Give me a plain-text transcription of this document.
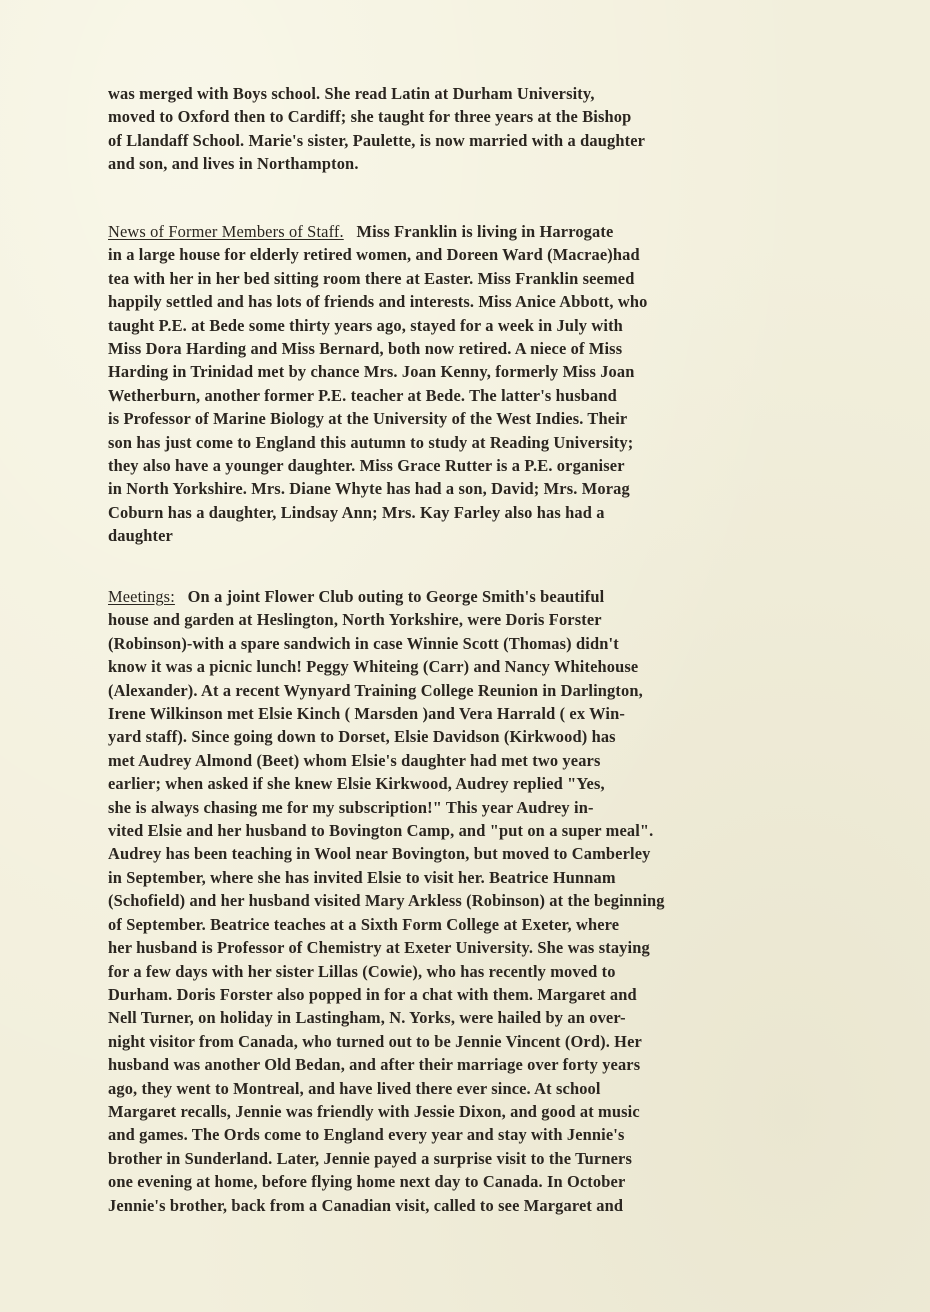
was merged with Boys school. She read Latin at Durham University,
moved to Oxford then to Cardiff; she taught for three years at the Bishop
of Llandaff School. Marie's sister, Paulette, is now married with a daughter
and son, and lives in Northampton.
News of Former Members of Staff. Miss Franklin is living in Harrogate
in a large house for elderly retired women, and Doreen Ward (Macrae)had
tea with her in her bed sitting room there at Easter. Miss Franklin seemed
happily settled and has lots of friends and interests. Miss Anice Abbott, who
taught P.E. at Bede some thirty years ago, stayed for a week in July with
Miss Dora Harding and Miss Bernard, both now retired. A niece of Miss
Harding in Trinidad met by chance Mrs. Joan Kenny, formerly Miss Joan
Wetherburn, another former P.E. teacher at Bede. The latter's husband
is Professor of Marine Biology at the University of the West Indies. Their
son has just come to England this autumn to study at Reading University;
they also have a younger daughter. Miss Grace Rutter is a P.E. organiser
in North Yorkshire. Mrs. Diane Whyte has had a son, David; Mrs. Morag
Coburn has a daughter, Lindsay Ann; Mrs. Kay Farley also has had a
daughter
Meetings: On a joint Flower Club outing to George Smith's beautiful
house and garden at Heslington, North Yorkshire, were Doris Forster
(Robinson)-with a spare sandwich in case Winnie Scott (Thomas) didn't
know it was a picnic lunch! Peggy Whiteing (Carr) and Nancy Whitehouse
(Alexander). At a recent Wynyard Training College Reunion in Darlington,
Irene Wilkinson met Elsie Kinch ( Marsden )and Vera Harrald ( ex Win-
yard staff). Since going down to Dorset, Elsie Davidson (Kirkwood) has
met Audrey Almond (Beet) whom Elsie's daughter had met two years
earlier; when asked if she knew Elsie Kirkwood, Audrey replied "Yes,
she is always chasing me for my subscription!" This year Audrey in-
vited Elsie and her husband to Bovington Camp, and "put on a super meal".
Audrey has been teaching in Wool near Bovington, but moved to Camberley
in September, where she has invited Elsie to visit her. Beatrice Hunnam
(Schofield) and her husband visited Mary Arkless (Robinson) at the beginning
of September. Beatrice teaches at a Sixth Form College at Exeter, where
her husband is Professor of Chemistry at Exeter University. She was staying
for a few days with her sister Lillas (Cowie), who has recently moved to
Durham. Doris Forster also popped in for a chat with them. Margaret and
Nell Turner, on holiday in Lastingham, N. Yorks, were hailed by an over-
night visitor from Canada, who turned out to be Jennie Vincent (Ord). Her
husband was another Old Bedan, and after their marriage over forty years
ago, they went to Montreal, and have lived there ever since. At school
Margaret recalls, Jennie was friendly with Jessie Dixon, and good at music
and games. The Ords come to England every year and stay with Jennie's
brother in Sunderland. Later, Jennie payed a surprise visit to the Turners
one evening at home, before flying home next day to Canada. In October
Jennie's brother, back from a Canadian visit, called to see Margaret and
